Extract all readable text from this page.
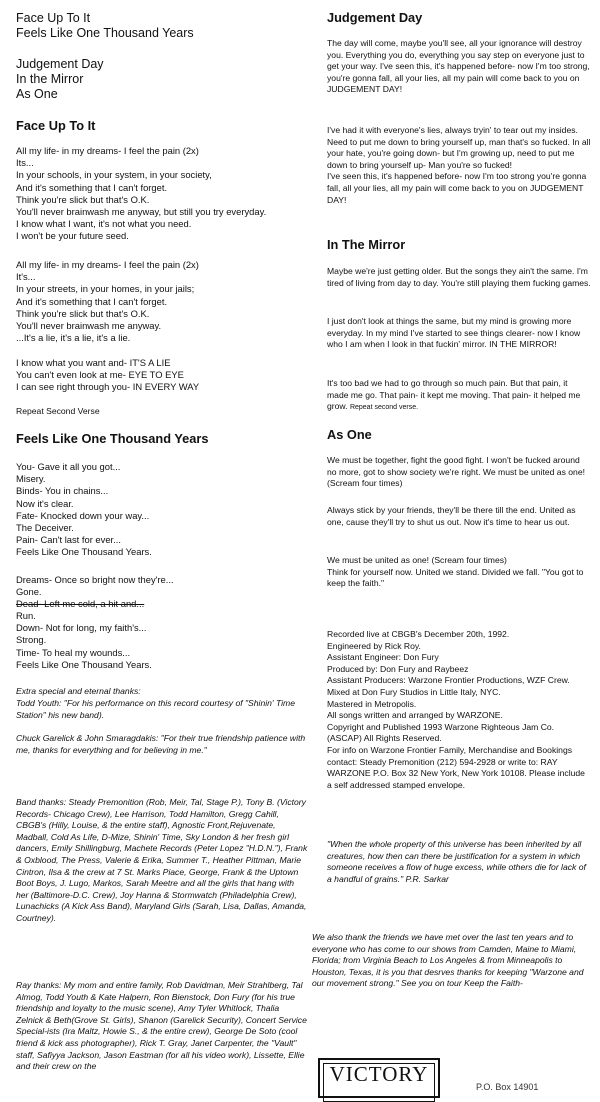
Face Up To It
Feels Like One Thousand Years
Judgement Day
In the Mirror
As One
Face Up To It
All my life- in my dreams- I feel the pain (2x)
Its...
In your schools, in your system, in your society,
And it's something that I can't forget.
Think you're slick but that's O.K.
You'll never brainwash me anyway, but still you try everyday.
I know what I want, it's not what you need.
I won't be your future seed.
All my life- in my dreams- I feel the pain (2x)
It's...
In your streets, in your homes, in your jails;
And it's something that I can't forget.
Think you're slick but that's O.K.
You'll never brainwash me anyway.
...It's a lie, it's a lie, it's a lie.
I know what you want and- IT'S A LIE
You can't even look at me- EYE TO EYE
I can see right through you- IN EVERY WAY
Repeat Second Verse
Feels Like One Thousand Years
You- Gave it all you got...
Misery.
Binds- You in chains...
Now it's clear.
Fate- Knocked down your way...
The Deceiver.
Pain- Can't last for ever...
Feels Like One Thousand Years.
Dreams- Once so bright now they're...
Gone.
Dead- Left me cold, a hit and...
Run.
Down- Not for long, my faith's...
Strong.
Time- To heal my wounds...
Feels Like One Thousand Years.
Extra special and eternal thanks:
Todd Youth: "For his performance on this record courtesy of "Shinin' Time Station" his new band).
Chuck Garelick & John Smaragdakis: "For their true friendship patience with me, thanks for everything and for believing in me."
Band thanks: Steady Premonition (Rob, Meir, Tal, Stage P.), Tony B. (Victory Records- Chicago Crew), Lee Harrison, Todd Hamilton, Gregg Cahill, CBGB's (Hilly, Louise, & the entire staff), Agnostic Front,Rejuvenate, Madball, Cold As Life, D-Mize, Shinin' Time, Sky London & her fresh girl dancers, Emily Shillingburg, Machete Records (Peter Lopez "H.D.N."), Frank & Oxblood, The Press, Valerie & Erika, Summer T., Heather Pittman, Marie Cintron, Ilsa & the crew at 7 St. Marks Piace, George, Frank & the Uptown Boot Boys, J. Lugo, Markos, Sarah Meetre and all the girls that hang with her (Baltimore-D.C. Crew), Joy Hanna & Stormwatch (Philadelphia Crew), Lunachicks (A Kick Ass Band), Maryland Girls (Sarah, Lisa, Dallas, Amanda, Courtney).
Ray thanks: My mom and entire family, Rob Davidman, Meir Strahlberg, Tal Almog, Todd Youth & Kate Halpern, Ron Bienstock, Don Fury (for his true friendship and loyalty to the music scene), Amy Tyler Whitlock, Thalia Zelnick & Beth(Grove St. Girls), Shanon (Garelick Security), Concert Service Special-ists (Ira Maltz, Howie S., & the entire crew), George De Soto (cool friend & kick ass photographer), Rick T. Gray, Janet Carpenter, the "Vault" staff, Safiyya Jackson, Jason Eastman (for all his video work), Lissette, Ellie and their crew on the
Judgement Day
The day will come, maybe you'll see, all your ignorance will destroy you. Everything you do, everything you say step on everyone just to get your way. I've seen this, it's happened before- now I'm too strong, you're gonna fall, all your lies, all my pain will come back to you on JUDGEMENT DAY!
I've had it with everyone's lies, always tryin' to tear out my insides. Need to put me down to bring yourself up, man that's so fucked. In all your hate, you're going down- but I'm growing up, need to put me down to bring yourself up- Man you're so fucked!
I've seen this, it's happened before- now I'm too strong you're gonna fall, all your lies, all my pain will come back to you on JUDGEMENT DAY!
In The Mirror
Maybe we're just getting older. But the songs they ain't the same. I'm tired of living from day to day. You're still playing them fucking games.
I just don't look at things the same, but my mind is growing more everyday. In my mind I've started to see things clearer- now I know who I am when I look in that fuckin' mirror. IN THE MIRROR!
It's too bad we had to go through so much pain. But that pain, it made me go. That pain- it kept me moving. That pain- it helped me grow. Repeat second verse.
As One
We must be together, fight the good fight. I won't be fucked around no more, got to show society we're right. We must be united as one! (Scream four times)
Always stick by your friends, they'll be there till the end. United as one, cause they'll try to shut us out. Now it's time to hear us out.
We must be united as one! (Scream four times)
Think for yourself now. United we stand. Divided we fall. "You got to keep the faith."
Recorded live at CBGB's December 20th, 1992.
Engineered by Rick Roy.
Assistant Engineer: Don Fury
Produced by: Don Fury and Raybeez
Assistant Producers: Warzone Frontier Productions, WZF Crew.
Mixed at Don Fury Studios in Little Italy, NYC.
Mastered in Metropolis.
All songs written and arranged by WARZONE.
Copyright and Published 1993 Warzone Righteous Jam Co. (ASCAP) All Rights Reserved.
For info on Warzone Frontier Family, Merchandise and Bookings contact: Steady Premonition (212) 594-2928 or write to: RAY WARZONE P.O. Box 32 New York, New York 10108. Please include a self addressed stamped envelope.
"When the whole property of this universe has been inherited by all creatures, how then can there be justification for a system in which someone receives a flow of huge excess, while others die for lack of a handful of grains." P.R. Sarkar
We also thank the friends we have met over the last ten years and to everyone who has come to our shows from Camden, Maine to Miami, Florida; from Virginia Beach to Los Angeles & from Minneapolis to Houston, Texas, it is you that desrves thanks for keeping "Warzone and our movement strong." See you on tour Keep the Faith-
VICTORY
P.O. Box 14901
